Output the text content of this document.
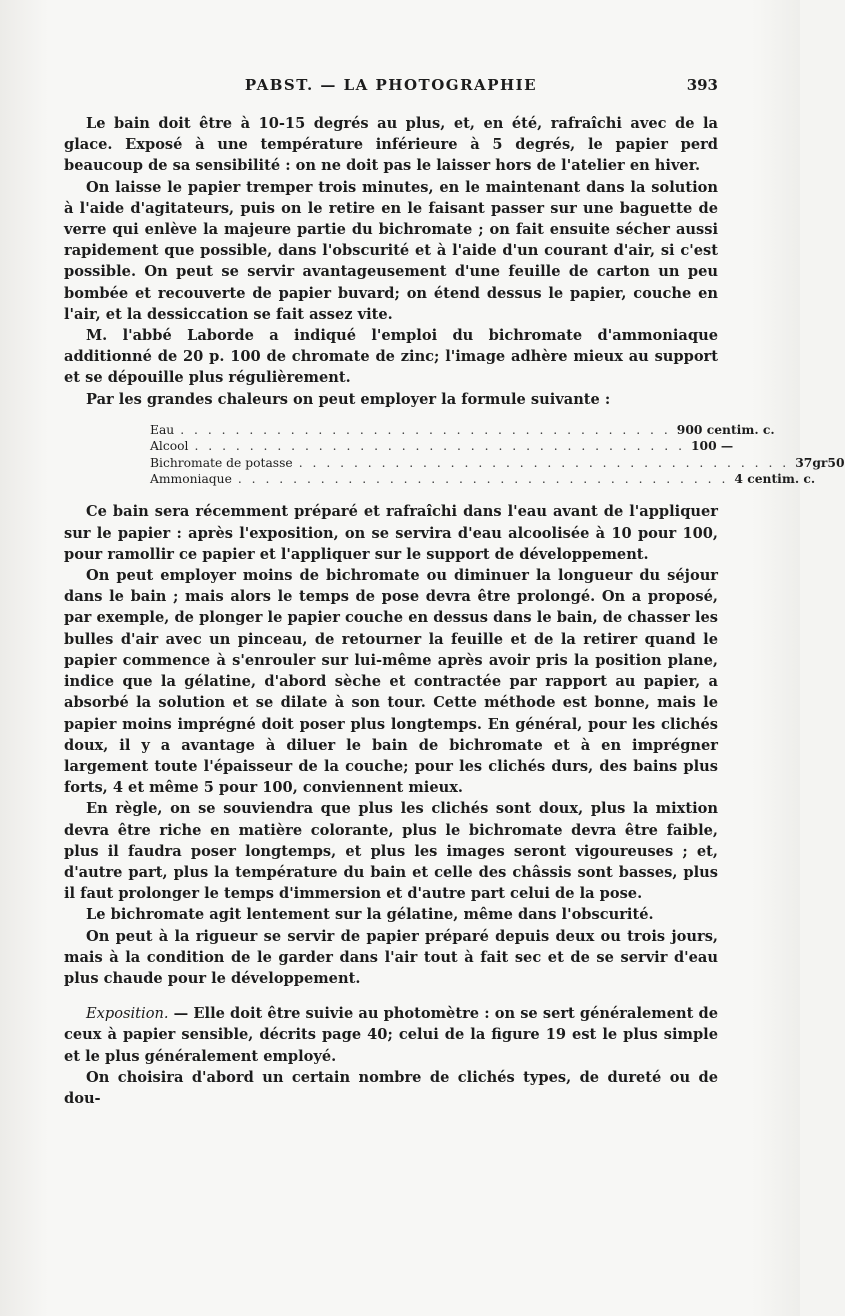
PABST. — LA PHOTOGRAPHIE	393

Le bain doit être à 10-15 degrés au plus, et, en été, rafraîchi avec de la glace. Exposé à une température inférieure à 5 degrés, le papier perd beaucoup de sa sensibilité : on ne doit pas le laisser hors de l'atelier en hiver.

On laisse le papier tremper trois minutes, en le maintenant dans la solution à l'aide d'agitateurs, puis on le retire en le faisant passer sur une baguette de verre qui enlève la majeure partie du bichromate ; on fait ensuite sécher aussi rapidement que possible, dans l'obscurité et à l'aide d'un courant d'air, si c'est possible. On peut se servir avantageusement d'une feuille de carton un peu bombée et recouverte de papier buvard; on étend dessus le papier, couche en l'air, et la dessiccation se fait assez vite.

M. l'abbé Laborde a indiqué l'emploi du bichromate d'ammoniaque additionné de 20 p. 100 de chromate de zinc; l'image adhère mieux au support et se dépouille plus régulièrement.

Par les grandes chaleurs on peut employer la formule suivante :

Eau . . . . . . . . . . . . . . . . . . . . . . . . . . . . . . . . . . . . 900 centim. c.
Alcool . . . . . . . . . . . . . . . . . . . . . . . . . . . . . . . . . . . . 100 —
Bichromate de potasse . . . . . . . . . . . . . . . . . . . . . . . . . . . . . . . . . . . . 37gr50
Ammoniaque . . . . . . . . . . . . . . . . . . . . . . . . . . . . . . . . . . . . 4 centim. c.

Ce bain sera récemment préparé et rafraîchi dans l'eau avant de l'appliquer sur le papier : après l'exposition, on se servira d'eau alcoolisée à 10 pour 100, pour ramollir ce papier et l'appliquer sur le support de développement.

On peut employer moins de bichromate ou diminuer la longueur du séjour dans le bain ; mais alors le temps de pose devra être prolongé. On a proposé, par exemple, de plonger le papier couche en dessus dans le bain, de chasser les bulles d'air avec un pinceau, de retourner la feuille et de la retirer quand le papier commence à s'enrouler sur lui-même après avoir pris la position plane, indice que la gélatine, d'abord sèche et contractée par rapport au papier, a absorbé la solution et se dilate à son tour. Cette méthode est bonne, mais le papier moins imprégné doit poser plus longtemps. En général, pour les clichés doux, il y a avantage à diluer le bain de bichromate et à en imprégner largement toute l'épaisseur de la couche; pour les clichés durs, des bains plus forts, 4 et même 5 pour 100, conviennent mieux.

En règle, on se souviendra que plus les clichés sont doux, plus la mixtion devra être riche en matière colorante, plus le bichromate devra être faible, plus il faudra poser longtemps, et plus les images seront vigoureuses ; et, d'autre part, plus la température du bain et celle des châssis sont basses, plus il faut prolonger le temps d'immersion et d'autre part celui de la pose.

Le bichromate agit lentement sur la gélatine, même dans l'obscurité.

On peut à la rigueur se servir de papier préparé depuis deux ou trois jours, mais à la condition de le garder dans l'air tout à fait sec et de se servir d'eau plus chaude pour le développement.

Exposition. — Elle doit être suivie au photomètre : on se sert généralement de ceux à papier sensible, décrits page 40; celui de la figure 19 est le plus simple et le plus généralement employé.

On choisira d'abord un certain nombre de clichés types, de dureté ou de dou-
